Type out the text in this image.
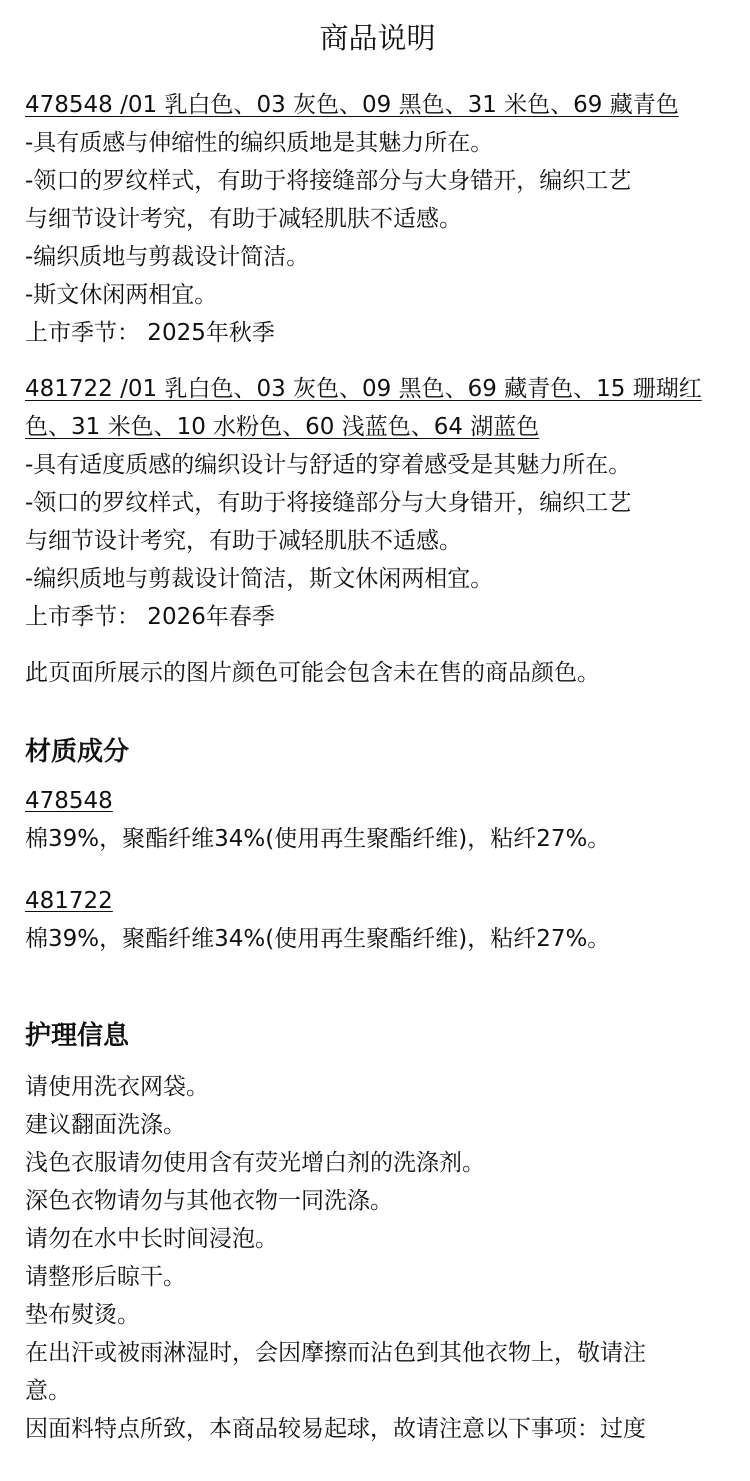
商品说明
478548 /01 乳白色、03 灰色、09 黑色、31 米色、69 藏青色
-具有质感与伸缩性的编织质地是其魅力所在。
-领口的罗纹样式，有助于将接缝部分与大身错开，编织工艺
与细节设计考究，有助于减轻肌肤不适感。
-编织质地与剪裁设计简洁。
-斯文休闲两相宜。
上市季节： 2025年秋季
481722 /01 乳白色、03 灰色、09 黑色、69 藏青色、15 珊瑚红
色、31 米色、10 水粉色、60 浅蓝色、64 湖蓝色
-具有适度质感的编织设计与舒适的穿着感受是其魅力所在。
-领口的罗纹样式，有助于将接缝部分与大身错开，编织工艺
与细节设计考究，有助于减轻肌肤不适感。
-编织质地与剪裁设计简洁，斯文休闲两相宜。
上市季节： 2026年春季
此页面所展示的图片颜色可能会包含未在售的商品颜色。
材质成分
478548
棉39%，聚酯纤维34%(使用再生聚酯纤维)，粘纤27%。
481722
棉39%，聚酯纤维34%(使用再生聚酯纤维)，粘纤27%。
护理信息
请使用洗衣网袋。
建议翻面洗涤。
浅色衣服请勿使用含有荧光增白剂的洗涤剂。
深色衣物请勿与其他衣物一同洗涤。
请勿在水中长时间浸泡。
请整形后晾干。
垫布熨烫。
在出汗或被雨淋湿时，会因摩擦而沾色到其他衣物上，敬请注
意。
因面料特点所致，本商品较易起球，故请注意以下事项：过度
